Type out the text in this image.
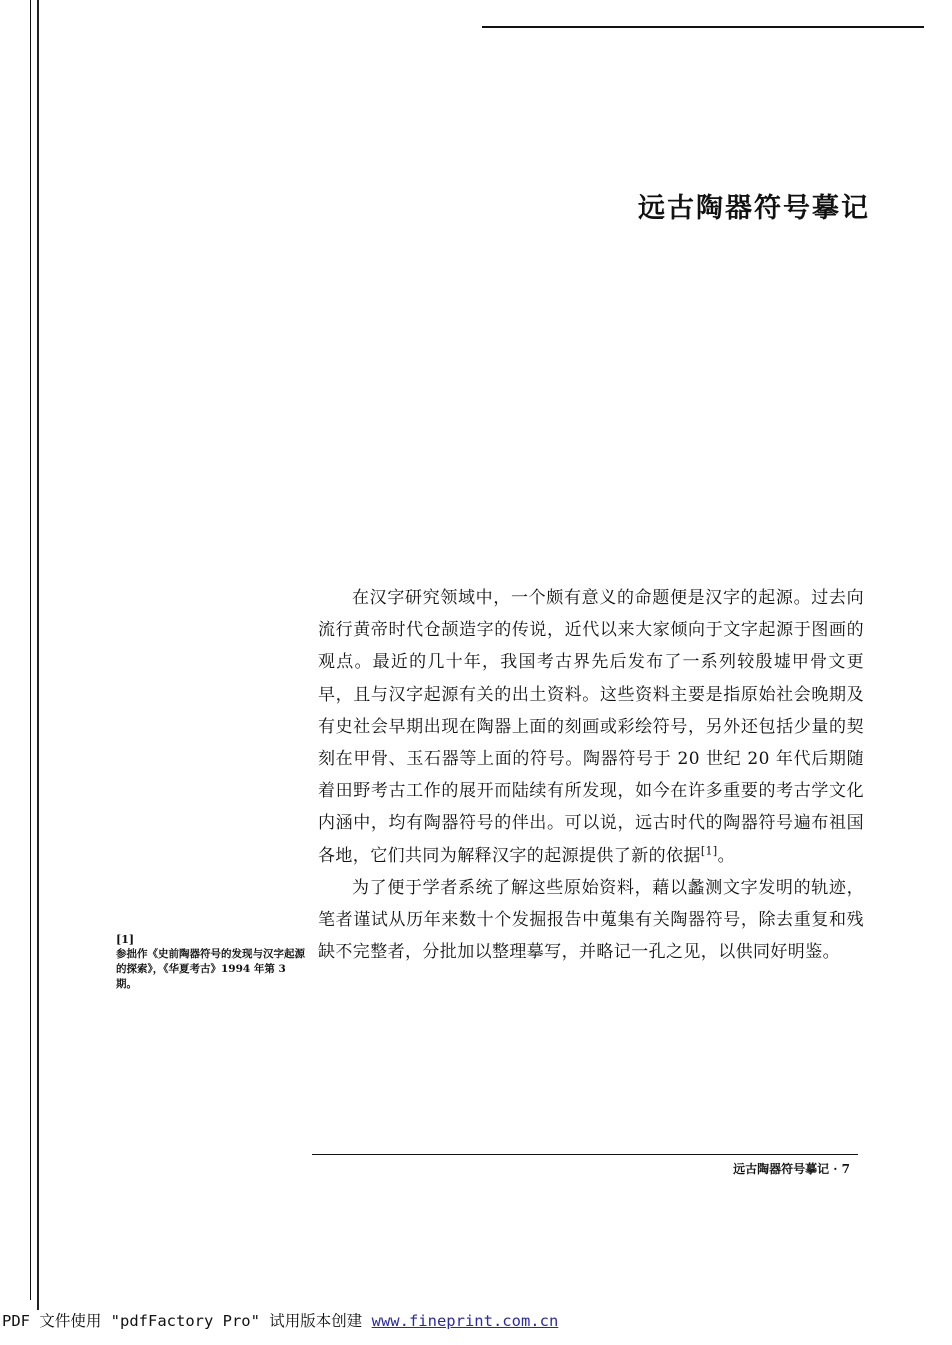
远古陶器符号摹记

在汉字研究领域中，一个颇有意义的命题便是汉字的起源。过去向流行黄帝时代仓颉造字的传说，近代以来大家倾向于文字起源于图画的观点。最近的几十年，我国考古界先后发布了一系列较殷墟甲骨文更早，且与汉字起源有关的出土资料。这些资料主要是指原始社会晚期及有史社会早期出现在陶器上面的刻画或彩绘符号，另外还包括少量的契刻在甲骨、玉石器等上面的符号。陶器符号于 20 世纪 20 年代后期随着田野考古工作的展开而陆续有所发现，如今在许多重要的考古学文化内涵中，均有陶器符号的伴出。可以说，远古时代的陶器符号遍布祖国各地，它们共同为解释汉字的起源提供了新的依据[1]。

为了便于学者系统了解这些原始资料，藉以蠡测文字发明的轨迹，笔者谨试从历年来数十个发掘报告中蒐集有关陶器符号，除去重复和残缺不完整者，分批加以整理摹写，并略记一孔之见，以供同好明鉴。

[1]
参拙作《史前陶器符号的发现与汉字起源的探索》，《华夏考古》1994 年第 3 期。
远古陶器符号摹记 · 7
PDF 文件使用 "pdfFactory Pro" 试用版本创建 www.fineprint.com.cn
